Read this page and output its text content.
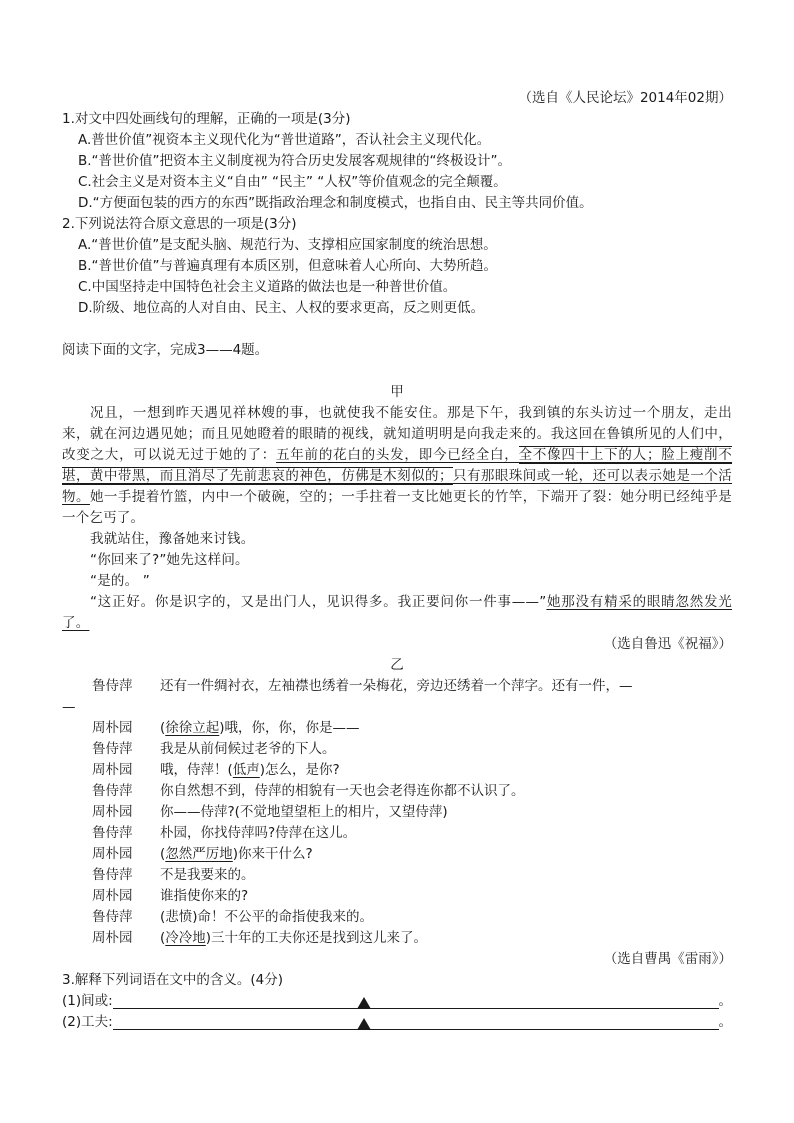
（选自《人民论坛》2014年02期）
1.对文中四处画线句的理解，正确的一项是(3分)
A.普世价值”视资本主义现代化为“普世道路”，否认社会主义现代化。
B.“普世价值”把资本主义制度视为符合历史发展客观规律的“终极设计”。
C.社会主义是对资本主义“自由” “民主” “人权”等价值观念的完全颠覆。
D.“方便面包装的西方的东西”既指政治理念和制度模式，也指自由、民主等共同价值。
2.下列说法符合原文意思的一项是(3分)
A.“普世价值”是支配头脑、规范行为、支撑相应国家制度的统治思想。
B.“普世价值”与普遍真理有本质区别，但意味着人心所向、大势所趋。
C.中国坚持走中国特色社会主义道路的做法也是一种普世价值。
D.阶级、地位高的人对自由、民主、人权的要求更高，反之则更低。
阅读下面的文字，完成3——4题。
甲
况且，一想到昨天遇见祥林嫂的事，也就使我不能安住。那是下午，我到镇的东头访过一个朋友，走出来，就在河边遇见她；而且见她瞪着的眼睛的视线，就知道明明是向我走来的。我这回在鲁镇所见的人们中，改变之大，可以说无过于她的了：五年前的花白的头发，即今已经全白，全不像四十上下的人；脸上瘦削不堪，黄中带黑，而且消尽了先前悲哀的神色，仿佛是木刻似的；只有那眼珠间或一轮，还可以表示她是一个活物。她一手提着竹篮，内中一个破碗，空的；一手拄着一支比她更长的竹竿，下端开了裂：她分明已经纯乎是一个乞丐了。
我就站住，豫备她来讨钱。
“你回来了?”她先这样问。
“是的。 ”
“这正好。你是识字的，又是出门人，见识得多。我正要问你一件事——”她那没有精采的眼睛忽然发光了。
（选自鲁迅《祝福》）
乙
鲁侍萍	还有一件绸衬衣，左袖襟也绣着一朵梅花，旁边还绣着一个萍字。还有一件，—
—
周朴园	(徐徐立起)哦，你，你，你是——
鲁侍萍	我是从前伺候过老爷的下人。
周朴园	哦，侍萍！(低声)怎么，是你?
鲁侍萍	你自然想不到，侍萍的相貌有一天也会老得连你都不认识了。
周朴园	你——侍萍?(不觉地望望柜上的相片，又望侍萍)
鲁侍萍	朴园，你找侍萍吗?侍萍在这儿。
周朴园	(忽然严厉地)你来干什么?
鲁侍萍	不是我要来的。
周朴园	谁指使你来的?
鲁侍萍	(悲愤)命！不公平的命指使我来的。
周朴园	(冷冷地)三十年的工夫你还是找到这儿来了。
（选自曹禺《雷雨》）
3.解释下列词语在文中的含义。(4分)
(1)间或:	。
(2)工夫:	。
